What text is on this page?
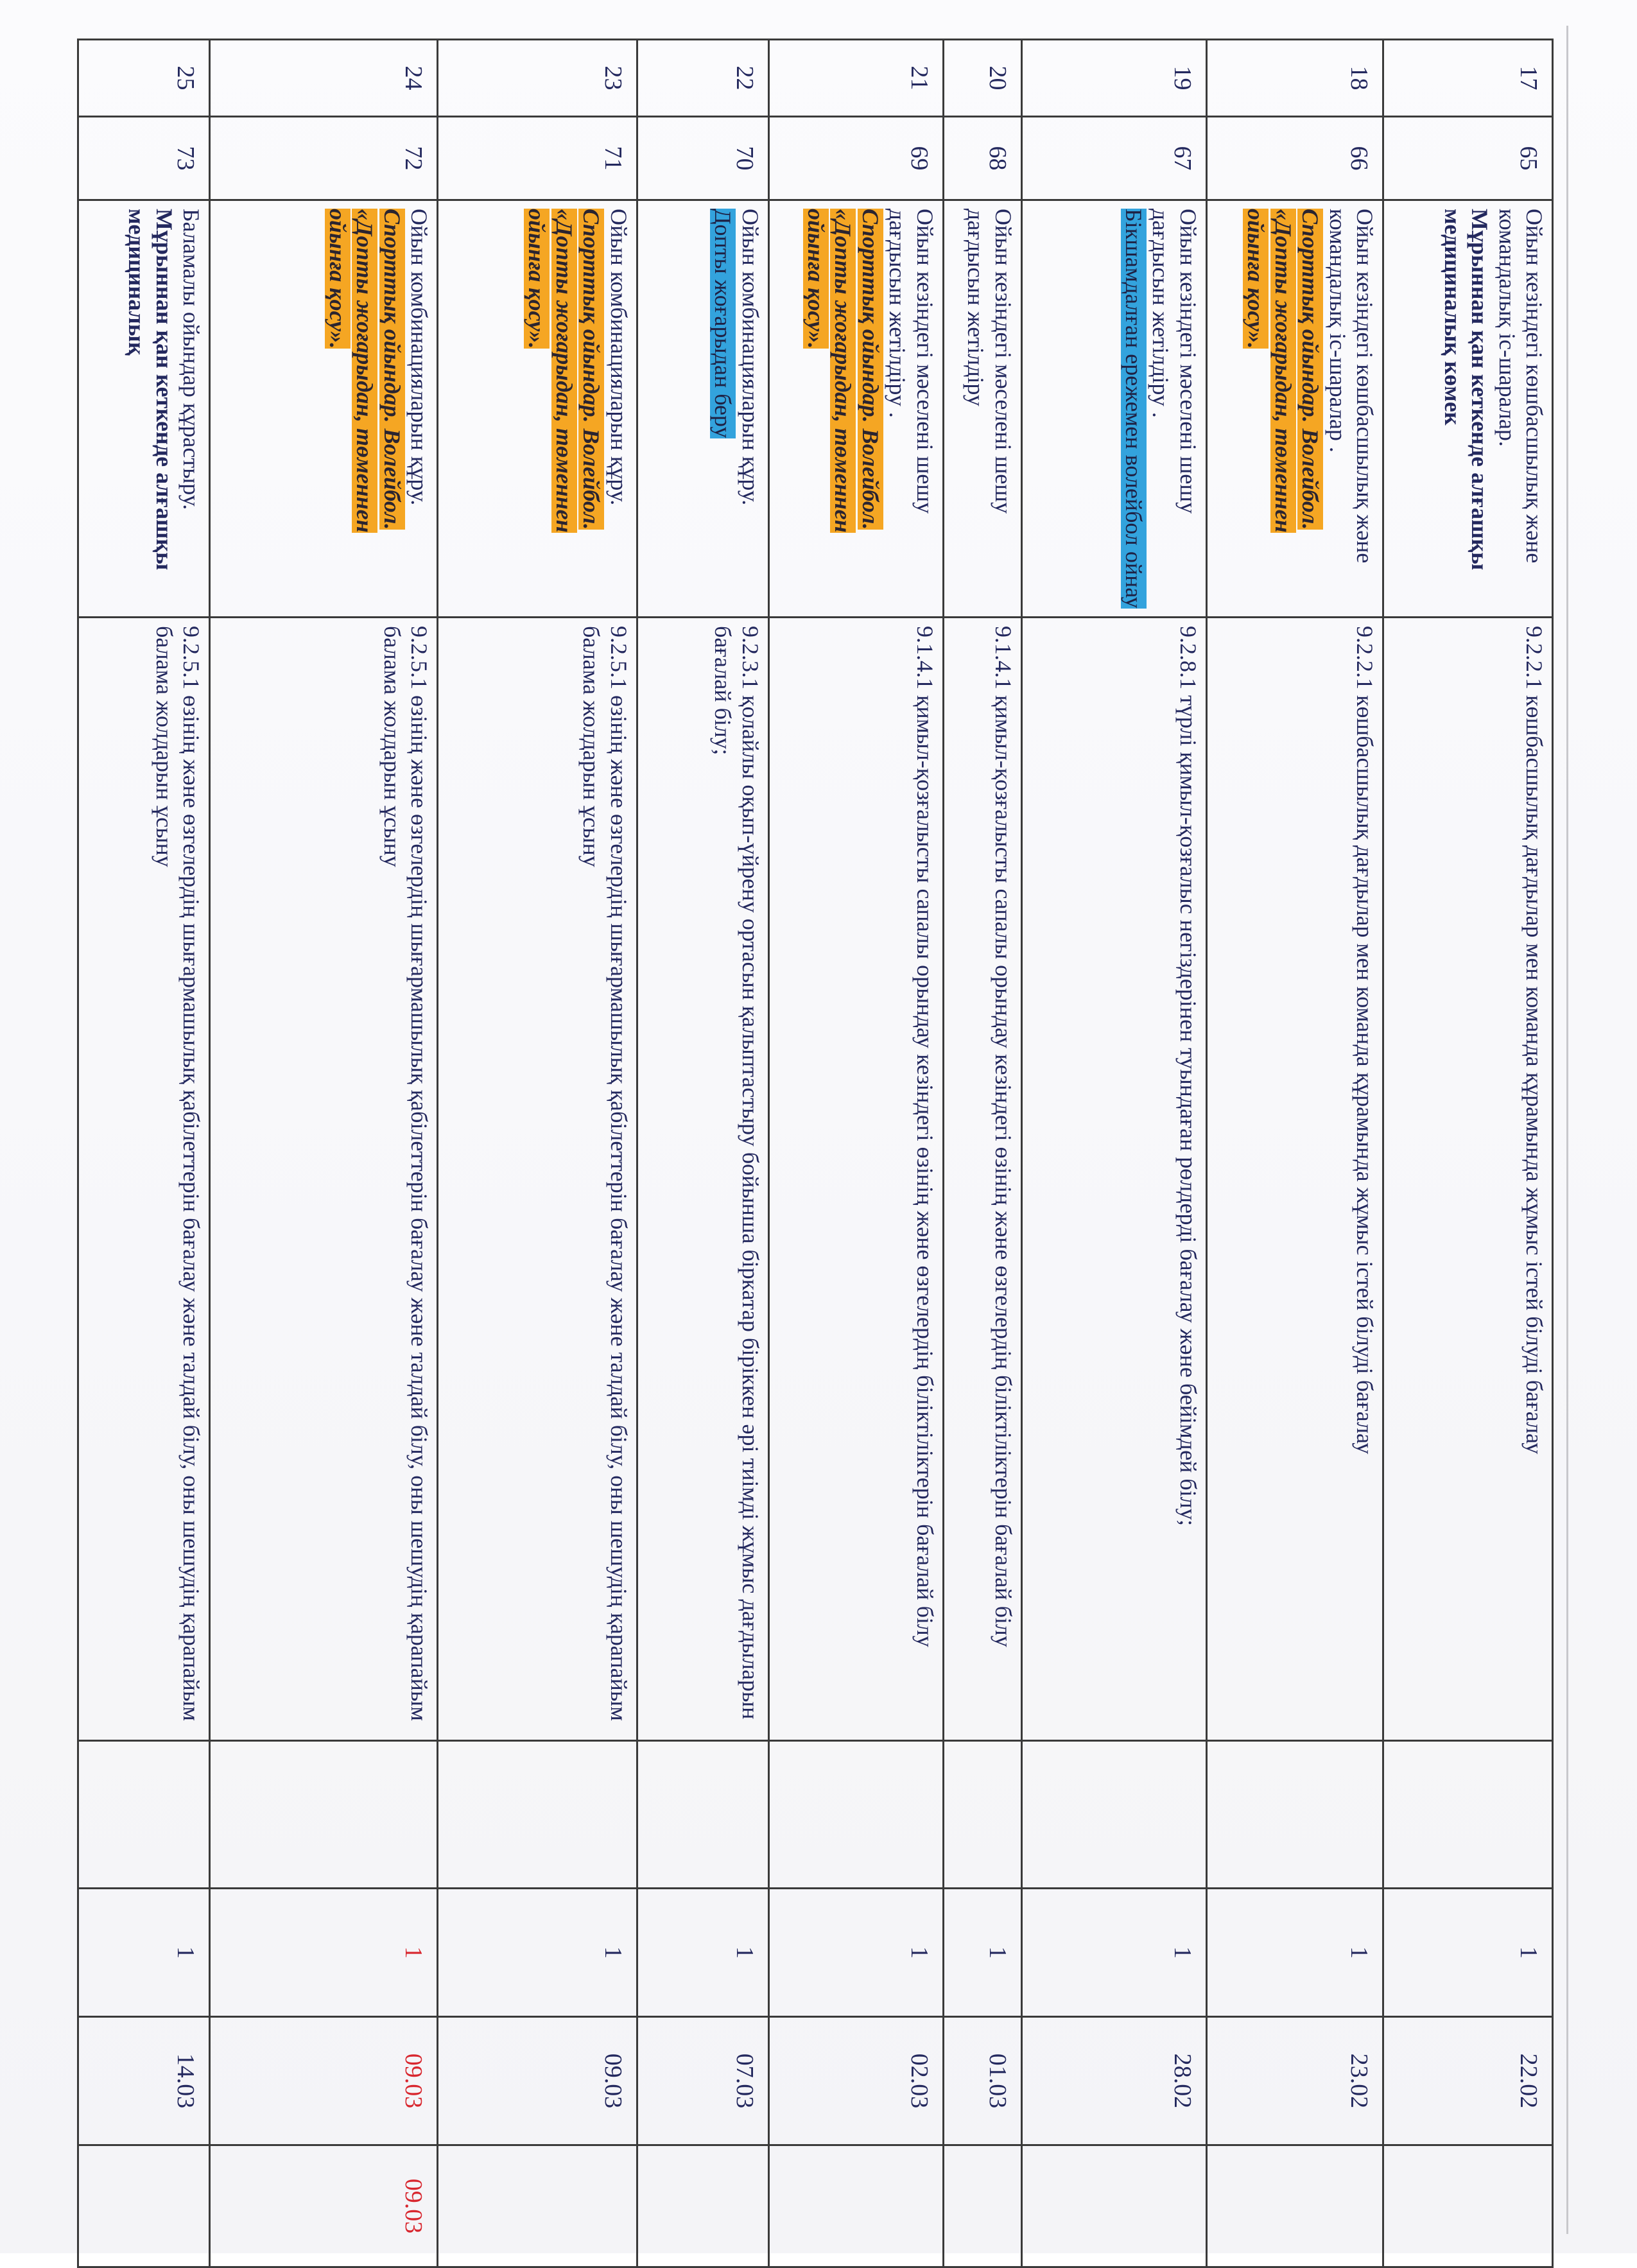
17	65	Ойын кезіндегі көшбасшылық және командалық іс-шаралар.
Мұрыннан қан кеткенде алғашқы медициналық көмек	9.2.2.1 көшбасшылық дағдылар мен команда құрамында жұмыс істей білуді бағалау		1	22.02	
18	66	Ойын кезіндегі көшбасшылық және командалық іс-шаралар .
Спорттық ойындар. Волейбол. «Допты жоғарыдан, төменнен ойынға қосу».	9.2.2.1 көшбасшылық дағдылар мен команда құрамында жұмыс істей білуді бағалау		1	23.02	
19	67	Ойын кезіндегі мәселені шешу дағдысын жетілдіру .
Бікшамдалған ережемен волейбол ойнау	9.2.8.1 түрлі қимыл-қозғалыс негіздерінен туындаған рөлдерді бағалау және бейімдей білу;		1	28.02	
20	68	Ойын кезіндегі мәселені шешу дағдысын жетілдіру	9.1.4.1 қимыл-қозғалысты сапалы орындау кезіндегі өзінің және өзгелердің біліктіліктерін бағалай білу		1	01.03	
21	69	Ойын кезіндегі мәселені шешу дағдысын жетілдіру .
Спорттық ойындар. Волейбол. «Допты жоғарыдан, төменнен ойынға қосу».	9.1.4.1 қимыл-қозғалысты сапалы орындау кезіндегі өзінің және өзгелердің біліктіліктерін бағалай білу		1	02.03	
22	70	Ойын комбинацияларын құру.
Допты жоғарыдан беру	9.2.3.1 қолайлы оқып-үйрену ортасын қалыптастыру бойынша біркатар біріккен әрі тиімді жұмыс дағдыларын бағалай білу;		1	07.03	
23	71	Ойын комбинацияларын құру.
Спорттық ойындар. Волейбол. «Допты жоғарыдан, төменнен ойынға қосу».	9.2.5.1 өзінің және өзгелердің шығармашылық қабілеттерін бағалау және талдай білу, оны шешудің қарапайым балама жолдарын ұсыну		1	09.03	
24	72	Ойын комбинацияларын құру.
Спорттық ойындар. Волейбол. «Допты жоғарыдан, төменнен ойынға қосу».	9.2.5.1 өзінің және өзгелердің шығармашылық қабілеттерін бағалау және талдай білу, оны шешудің қарапайым балама жолдарын ұсыну		1	09.03	09.03
25	73	Баламалы ойындар құрастыру.
Мұрыннан қан кеткенде алғашқы медициналық	9.2.5.1 өзінің және өзгелердің шығармашылық қабілеттерін бағалау және талдай білу, оны шешудің қарапайым балама жолдарын ұсыну		1	14.03	
